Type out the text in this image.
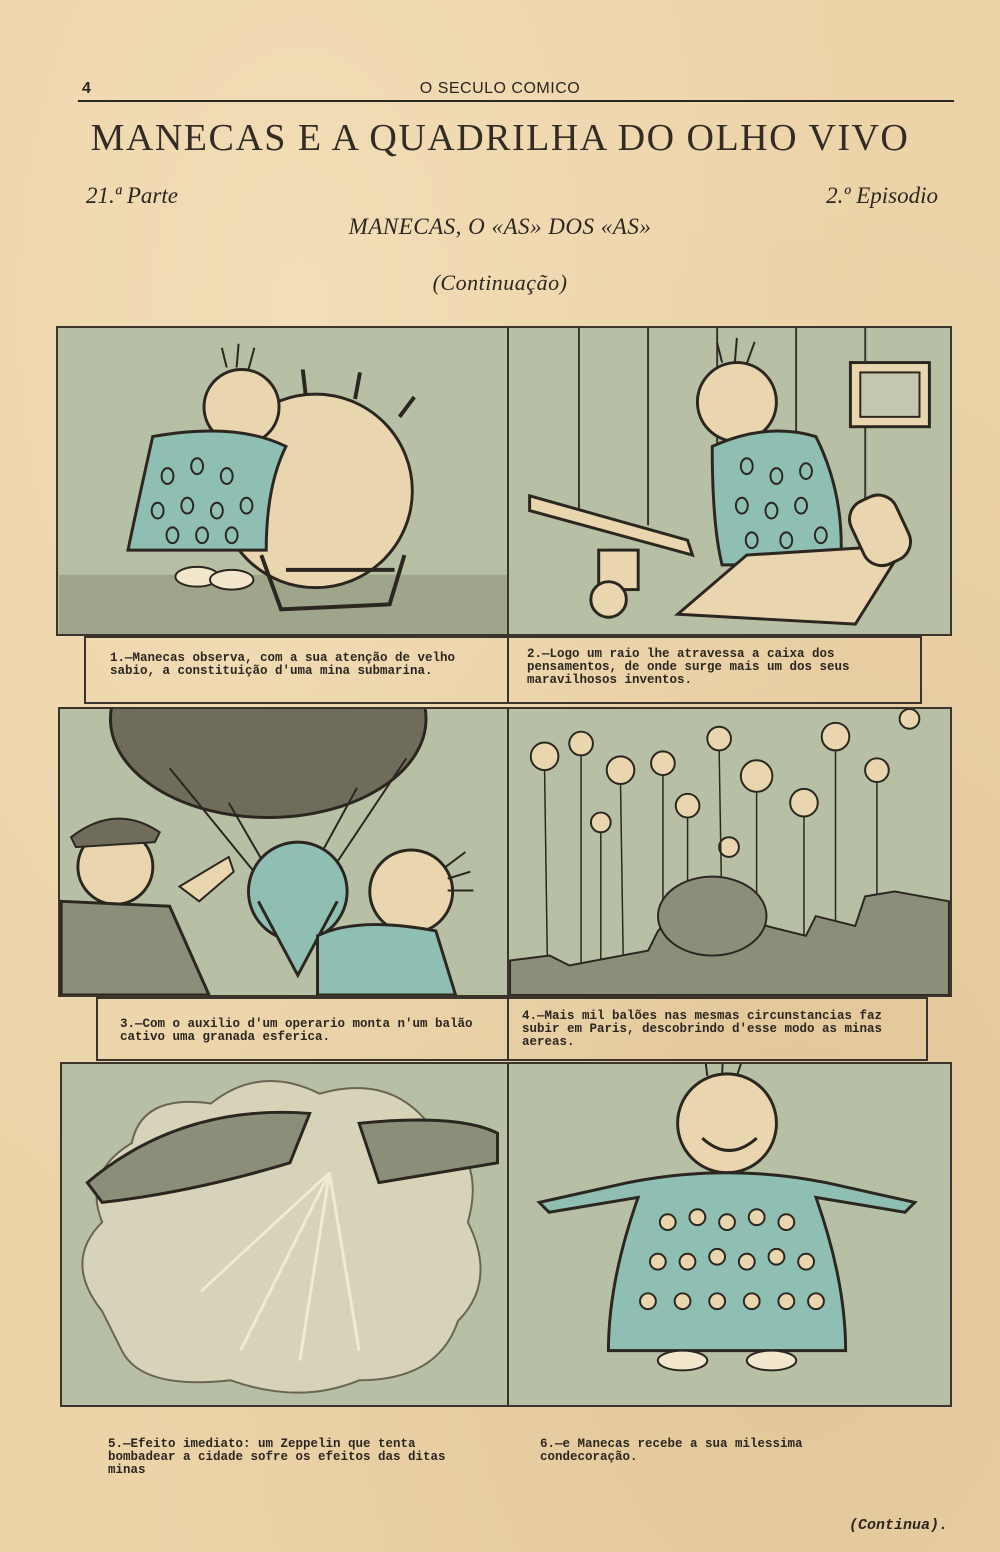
4	O SECULO COMICO
MANECAS E A QUADRILHA DO OLHO VIVO
21.ª Parte	2.º Episodio
MANECAS, O «AS» DOS «AS»
(Continuação)
1.—Manecas observa, com a sua atenção de velho sabio, a constituição d'uma mina submarina.
2.—Logo um raio lhe atravessa a caixa dos pensamentos, de onde surge mais um dos seus maravilhosos inventos.
3.—Com o auxilio d'um operario monta n'um balão cativo uma granada esferica.
4.—Mais mil balões nas mesmas circunstancias faz subir em Paris, descobrindo d'esse modo as minas aereas.
5.—Efeito imediato: um Zeppelin que tenta bombadear a cidade sofre os efeitos das ditas minas
6.—e Manecas recebe a sua milessima condecoração.
(Continua).
